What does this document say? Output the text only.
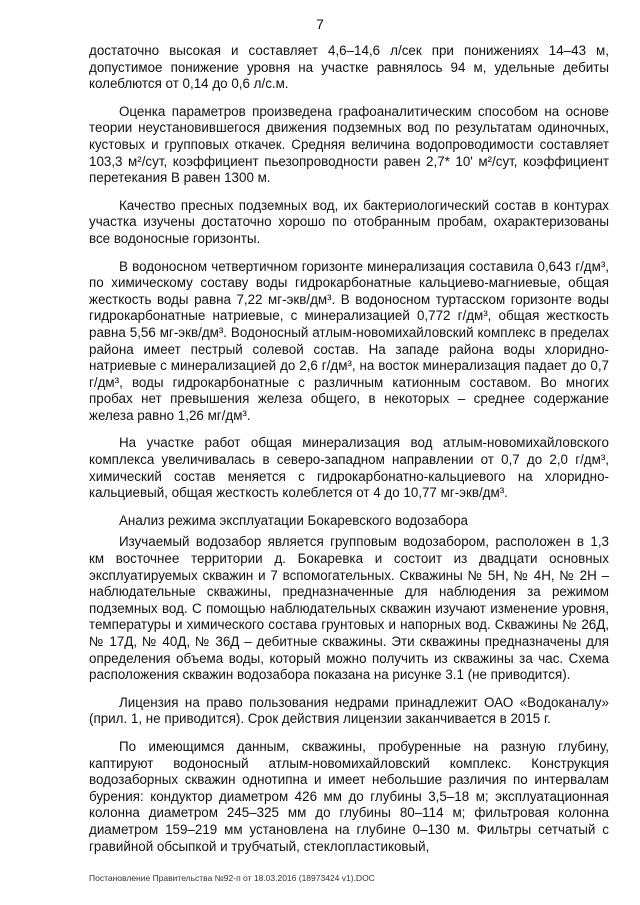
7

достаточно высокая и составляет 4,6–14,6 л/сек при понижениях 14–43 м, допустимое понижение уровня на участке равнялось 94 м, удельные дебиты колеблются от 0,14 до 0,6 л/с.м.

Оценка параметров произведена графоаналитическим способом на основе теории неустановившегося движения подземных вод по результатам одиночных, кустовых и групповых откачек. Средняя величина водопроводимости составляет 103,3 м²/сут, коэффициент пьезопроводности равен 2,7* 10' м²/сут, коэффициент перетекания В равен 1300 м.

Качество пресных подземных вод, их бактериологический состав в контурах участка изучены достаточно хорошо по отобранным пробам, охарактеризованы все водоносные горизонты.

В водоносном четвертичном горизонте минерализация составила 0,643 г/дм³, по химическому составу воды гидрокарбонатные кальциево-магниевые, общая жесткость воды равна 7,22 мг-экв/дм³. В водоносном туртасском горизонте воды гидрокарбонатные натриевые, с минерализацией 0,772 г/дм³, общая жесткость равна 5,56 мг-экв/дм³. Водоносный атлым-новомихайловский комплекс в пределах района имеет пестрый солевой состав. На западе района воды хлоридно-натриевые с минерализацией до 2,6 г/дм³, на восток минерализация падает до 0,7 г/дм³, воды гидрокарбонатные с различным катионным составом. Во многих пробах нет превышения железа общего, в некоторых – среднее содержание железа равно 1,26 мг/дм³.

На участке работ общая минерализация вод атлым-новомихайловского комплекса увеличивалась в северо-западном направлении от 0,7 до 2,0 г/дм³, химический состав меняется с гидрокарбонатно-кальциевого на хлоридно-кальциевый, общая жесткость колеблется от 4 до 10,77 мг-экв/дм³.

Анализ режима эксплуатации Бокаревского водозабора

Изучаемый водозабор является групповым водозабором, расположен в 1,3 км восточнее территории д. Бокаревка и состоит из двадцати основных эксплуатируемых скважин и 7 вспомогательных. Скважины № 5Н, № 4Н, № 2Н – наблюдательные скважины, предназначенные для наблюдения за режимом подземных вод. С помощью наблюдательных скважин изучают изменение уровня, температуры и химического состава грунтовых и напорных вод. Скважины № 26Д, № 17Д, № 40Д, № 36Д – дебитные скважины. Эти скважины предназначены для определения объема воды, который можно получить из скважины за час. Схема расположения скважин водозабора показана на рисунке 3.1 (не приводится).

Лицензия на право пользования недрами принадлежит ОАО «Водоканалу» (прил. 1, не приводится). Срок действия лицензии заканчивается в 2015 г.

По имеющимся данным, скважины, пробуренные на разную глубину, каптируют водоносный атлым-новомихайловский комплекс. Конструкция водозаборных скважин однотипна и имеет небольшие различия по интервалам бурения: кондуктор диаметром 426 мм до глубины 3,5–18 м; эксплуатационная колонна диаметром 245–325 мм до глубины 80–114 м; фильтровая колонна диаметром 159–219 мм установлена на глубине 0–130 м. Фильтры сетчатый с гравийной обсыпкой и трубчатый, стеклопластиковый,

Постановление Правительства №92-п от 18.03.2016 (18973424 v1).DOC
